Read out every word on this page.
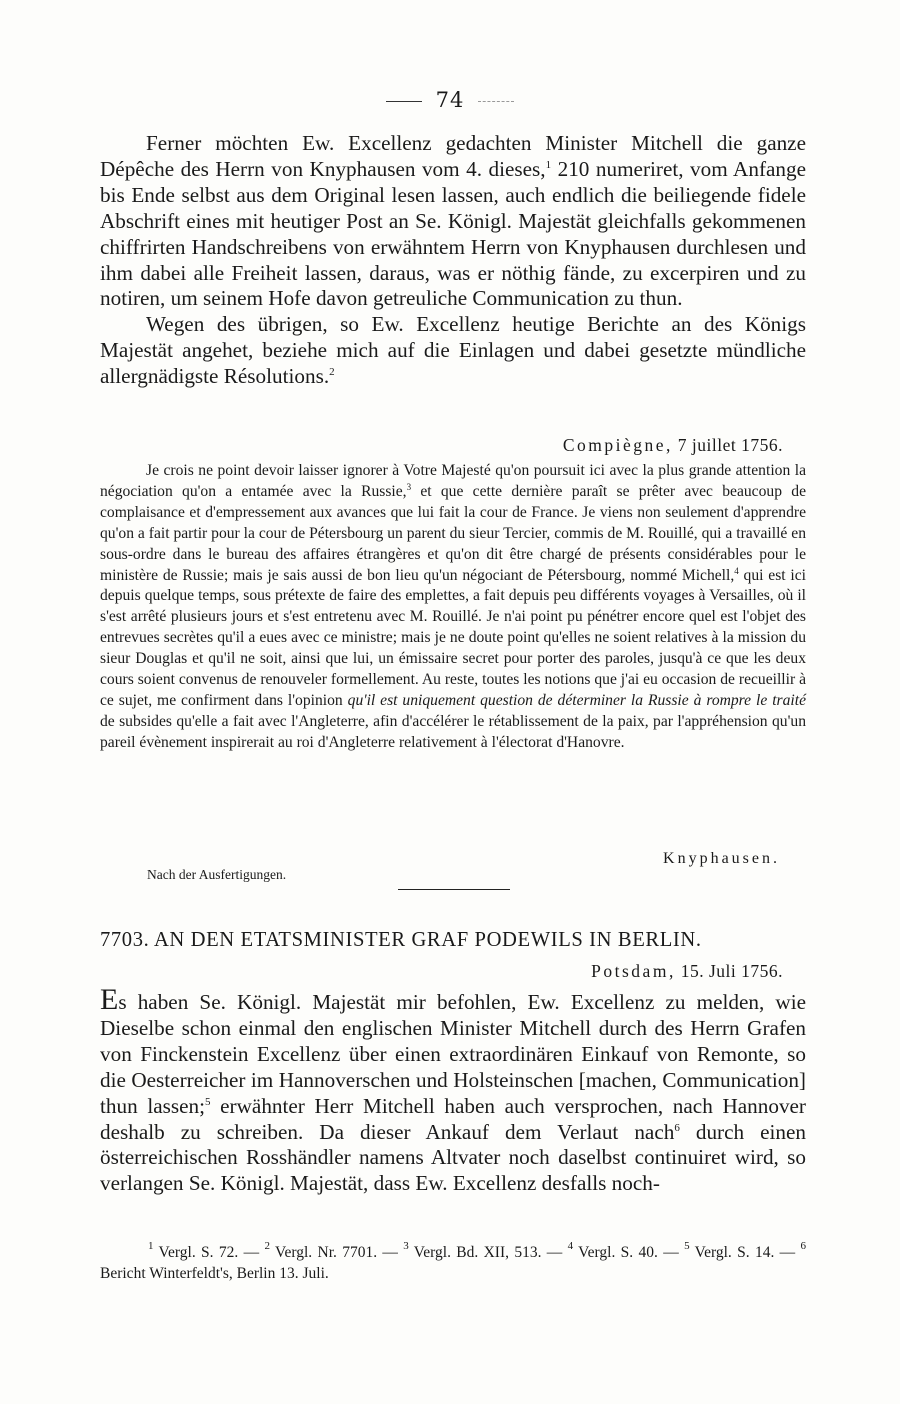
74

Ferner möchten Ew. Excellenz gedachten Minister Mitchell die ganze Dépêche des Herrn von Knyphausen vom 4. dieses,$^1$ 210 numeriret, vom Anfange bis Ende selbst aus dem Original lesen lassen, auch endlich die beiliegende fidele Abschrift eines mit heutiger Post an Se. Königl. Majestät gleichfalls gekommenen chiffrirten Handschreibens von erwähntem Herrn von Knyphausen durchlesen und ihm dabei alle Freiheit lassen, daraus, was er nöthig fände, zu excerpiren und zu notiren, um seinem Hofe davon getreuliche Communication zu thun.

Wegen des übrigen, so Ew. Excellenz heutige Berichte an des Königs Majestät angehet, beziehe mich auf die Einlagen und dabei gesetzte mündliche allergnädigste Résolutions.$^2$

Compiègne, 7 juillet 1756.

Je crois ne point devoir laisser ignorer à Votre Majesté qu'on poursuit ici avec la plus grande attention la négociation qu'on a entamée avec la Russie,$^3$ et que cette dernière paraît se prêter avec beaucoup de complaisance et d'empressement aux avances que lui fait la cour de France. Je viens non seulement d'apprendre qu'on a fait partir pour la cour de Pétersbourg un parent du sieur Tercier, commis de M. Rouillé, qui a travaillé en sous-ordre dans le bureau des affaires étrangères et qu'on dit être chargé de présents considérables pour le ministère de Russie; mais je sais aussi de bon lieu qu'un négociant de Pétersbourg, nommé Michell,$^4$ qui est ici depuis quelque temps, sous prétexte de faire des emplettes, a fait depuis peu différents voyages à Versailles, où il s'est arrêté plusieurs jours et s'est entretenu avec M. Rouillé. Je n'ai point pu pénétrer encore quel est l'objet des entrevues secrètes qu'il a eues avec ce ministre; mais je ne doute point qu'elles ne soient relatives à la mission du sieur Douglas et qu'il ne soit, ainsi que lui, un émissaire secret pour porter des paroles, jusqu'à ce que les deux cours soient convenus de renouveler formellement. Au reste, toutes les notions que j'ai eu occasion de recueillir à ce sujet, me confirment dans l'opinion qu'il est uniquement question de déterminer la Russie à rompre le traité de subsides qu'elle a fait avec l'Angleterre, afin d'accélérer le rétablissement de la paix, par l'appréhension qu'un pareil évènement inspirerait au roi d'Angleterre relativement à l'électorat d'Hanovre.

Knyphausen.
Nach der Ausfertigungen.
7703. AN DEN ETATSMINISTER GRAF PODEWILS IN BERLIN.
Potsdam, 15. Juli 1756.

Es haben Se. Königl. Majestät mir befohlen, Ew. Excellenz zu melden, wie Dieselbe schon einmal den englischen Minister Mitchell durch des Herrn Grafen von Finckenstein Excellenz über einen extraordinären Einkauf von Remonte, so die Oesterreicher im Hannoverschen und Holsteinschen [machen, Communication] thun lassen;$^5$ erwähnter Herr Mitchell haben auch versprochen, nach Hannover deshalb zu schreiben. Da dieser Ankauf dem Verlaut nach$^6$ durch einen österreichischen Rosshändler namens Altvater noch daselbst continuiret wird, so verlangen Se. Königl. Majestät, dass Ew. Excellenz desfalls noch-

$^1$ Vergl. S. 72. — $^2$ Vergl. Nr. 7701. — $^3$ Vergl. Bd. XII, 513. — $^4$ Vergl. S. 40. — $^5$ Vergl. S. 14. — $^6$ Bericht Winterfeldt's, Berlin 13. Juli.
